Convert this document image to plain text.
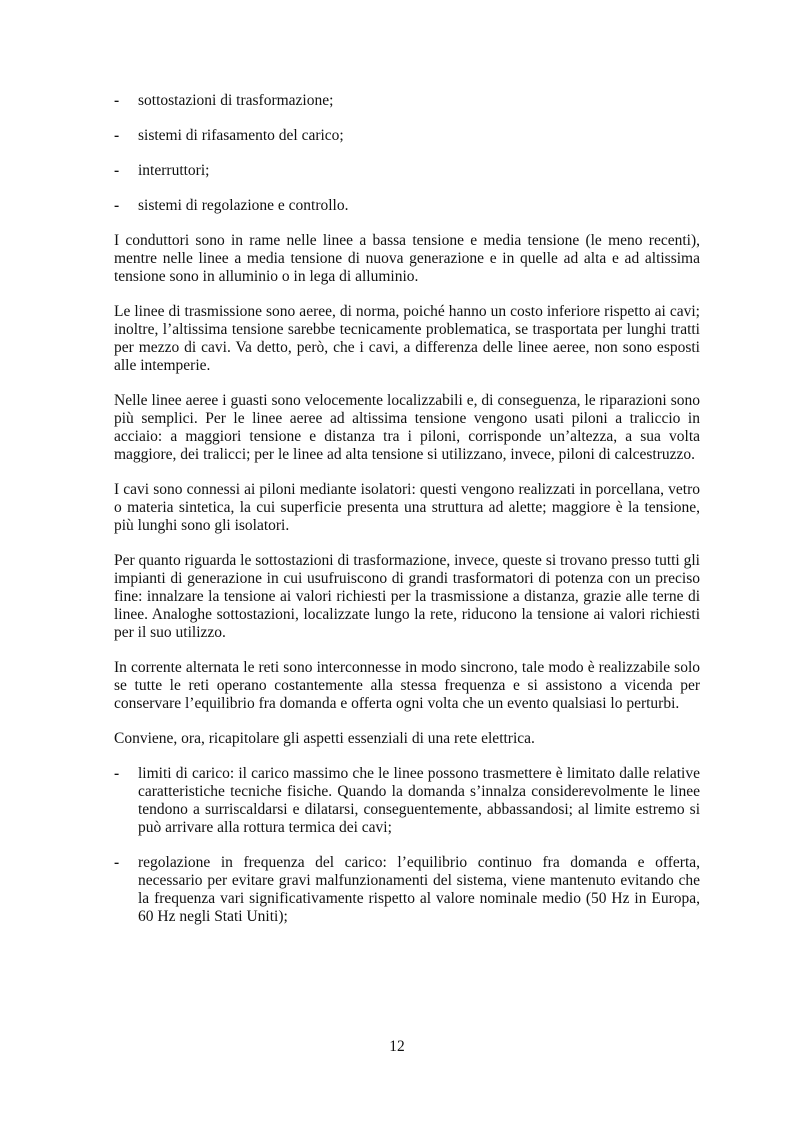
-	sottostazioni di trasformazione;
-	sistemi di rifasamento del carico;
-	interruttori;
-	sistemi di regolazione e controllo.

I conduttori sono in rame nelle linee a bassa tensione e media tensione (le meno recenti), mentre nelle linee a media tensione di nuova generazione e in quelle ad alta e ad altissima tensione sono in alluminio o in lega di alluminio.

Le linee di trasmissione sono aeree, di norma, poiché hanno un costo inferiore rispetto ai cavi; inoltre, l’altissima tensione sarebbe tecnicamente problematica, se trasportata per lunghi tratti per mezzo di cavi. Va detto, però, che i cavi, a differenza delle linee aeree, non sono esposti alle intemperie.

Nelle linee aeree i guasti sono velocemente localizzabili e, di conseguenza, le riparazioni sono più semplici. Per le linee aeree ad altissima tensione vengono usati piloni a traliccio in acciaio: a maggiori tensione e distanza tra i piloni, corrisponde un’altezza, a sua volta maggiore, dei tralicci; per le linee ad alta tensione si utilizzano, invece, piloni di calcestruzzo.

I cavi sono connessi ai piloni mediante isolatori: questi vengono realizzati in porcellana, vetro o materia sintetica, la cui superficie presenta una struttura ad alette; maggiore è la tensione, più lunghi sono gli isolatori.

Per quanto riguarda le sottostazioni di trasformazione, invece, queste si trovano presso tutti gli impianti di generazione in cui usufruiscono di grandi trasformatori di potenza con un preciso fine: innalzare la tensione ai valori richiesti per la trasmissione a distanza, grazie alle terne di linee. Analoghe sottostazioni, localizzate lungo la rete, riducono la tensione ai valori richiesti per il suo utilizzo.

In corrente alternata le reti sono interconnesse in modo sincrono, tale modo è realizzabile solo se tutte le reti operano costantemente alla stessa frequenza e si assistono a vicenda per conservare l’equilibrio fra domanda e offerta ogni volta che un evento qualsiasi lo perturbi.

Conviene, ora, ricapitolare gli aspetti essenziali di una rete elettrica.

-	limiti di carico: il carico massimo che le linee possono trasmettere è limitato dalle relative caratteristiche tecniche fisiche. Quando la domanda s’innalza considerevolmente le linee tendono a surriscaldarsi e dilatarsi, conseguentemente, abbassandosi; al limite estremo si può arrivare alla rottura termica dei cavi;
-	regolazione in frequenza del carico: l’equilibrio continuo fra domanda e offerta, necessario per evitare gravi malfunzionamenti del sistema, viene mantenuto evitando che la frequenza vari significativamente rispetto al valore nominale medio (50 Hz in Europa, 60 Hz negli Stati Uniti);
12
